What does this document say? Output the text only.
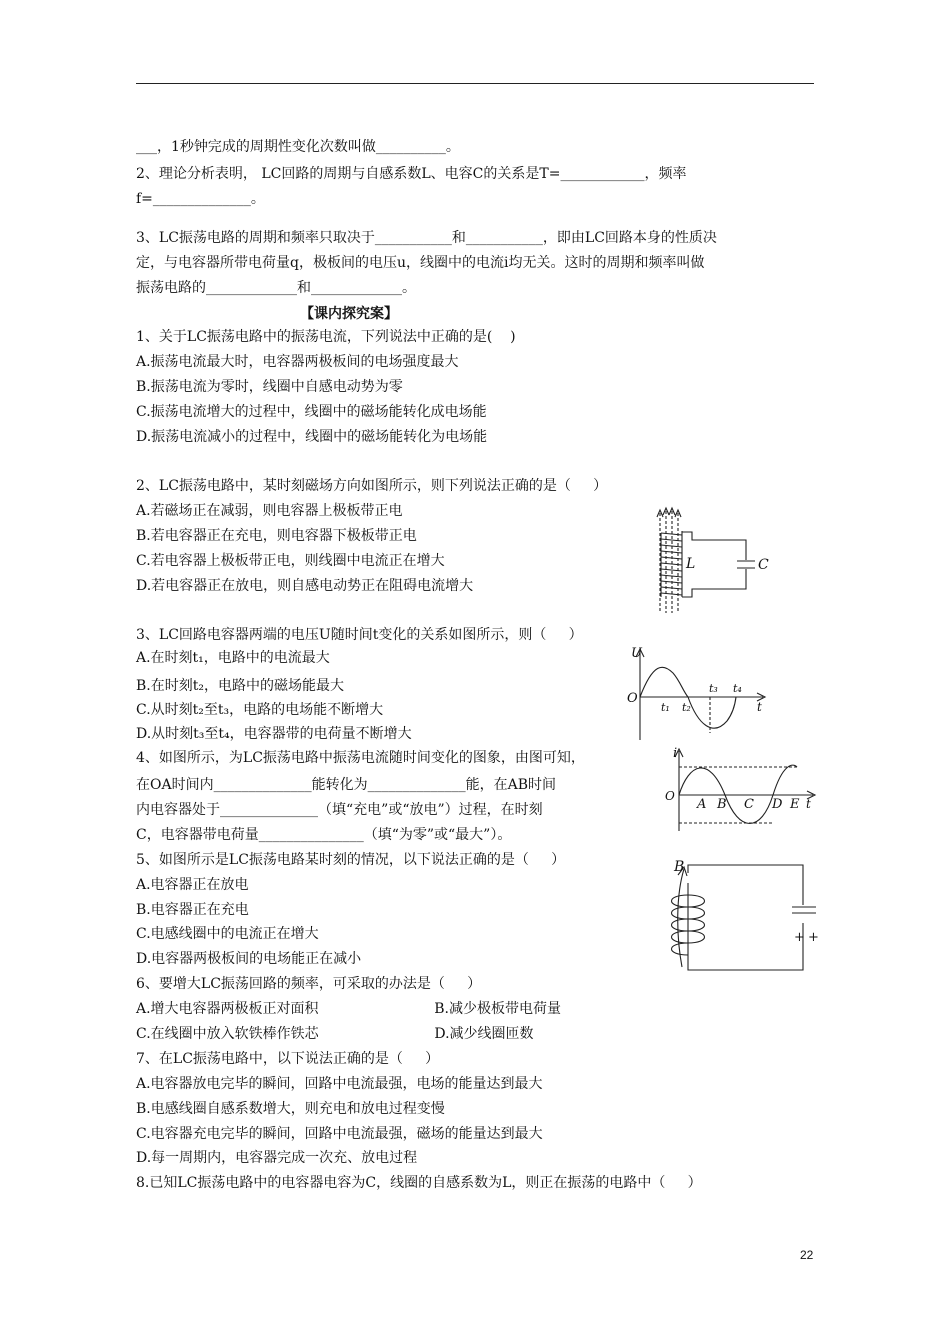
___，1秒钟完成的周期性变化次数叫做__________。
2、理论分析表明， LC回路的周期与自感系数L、电容C的关系是T=____________，频率
f=______________。
3、LC振荡电路的周期和频率只取决于___________和___________，即由LC回路本身的性质决
定，与电容器所带电荷量q，极板间的电压u，线圈中的电流i均无关。这时的周期和频率叫做
振荡电路的_____________和_____________。
【课内探究案】
1、关于LC振荡电路中的振荡电流，下列说法中正确的是(    )
A.振荡电流最大时，电容器两极板间的电场强度最大
B.振荡电流为零时，线圈中自感电动势为零
C.振荡电流增大的过程中，线圈中的磁场能转化成电场能
D.振荡电流减小的过程中，线圈中的磁场能转化为电场能
2、LC振荡电路中，某时刻磁场方向如图所示，则下列说法正确的是（     ）
A.若磁场正在减弱，则电容器上极板带正电
B.若电容器正在充电，则电容器下极板带正电
C.若电容器上极板带正电，则线圈中电流正在增大
D.若电容器正在放电，则自感电动势正在阻碍电流增大
3、LC回路电容器两端的电压U随时间t变化的关系如图所示，则（     ）
A.在时刻t₁，电路中的电流最大
B.在时刻t₂，电路中的磁场能最大
C.从时刻t₂至t₃，电路的电场能不断增大
D.从时刻t₃至t₄，电容器带的电荷量不断增大
4、如图所示，为LC振荡电路中振荡电流随时间变化的图象，由图可知，
在OA时间内______________能转化为______________能，在AB时间
内电容器处于______________（填“充电”或“放电”）过程，在时刻
C，电容器带电荷量_______________（填“为零”或“最大”）。
5、如图所示是LC振荡电路某时刻的情况，以下说法正确的是（     ）
A.电容器正在放电
B.电容器正在充电
C.电感线圈中的电流正在增大
D.电容器两极板间的电场能正在减小
6、要增大LC振荡回路的频率，可采取的办法是（     ）
A.增大电容器两极板正对面积                          B.减少极板带电荷量
C.在线圈中放入软铁棒作铁芯                          D.减少线圈匝数
7、在LC振荡电路中，以下说法正确的是（     ）
A.电容器放电完毕的瞬间，回路中电流最强，电场的能量达到最大
B.电感线圈自感系数增大，则充电和放电过程变慢
C.电容器充电完毕的瞬间，回路中电流最强，磁场的能量达到最大
D.每一周期内，电容器完成一次充、放电过程
8.已知LC振荡电路中的电容器电容为C，线圈的自感系数为L，则正在振荡的电路中（     ）
L	C
U
O
t₁ t₂
t₃ t₄
t
i
O
A B C D E t
B
+ +
22
